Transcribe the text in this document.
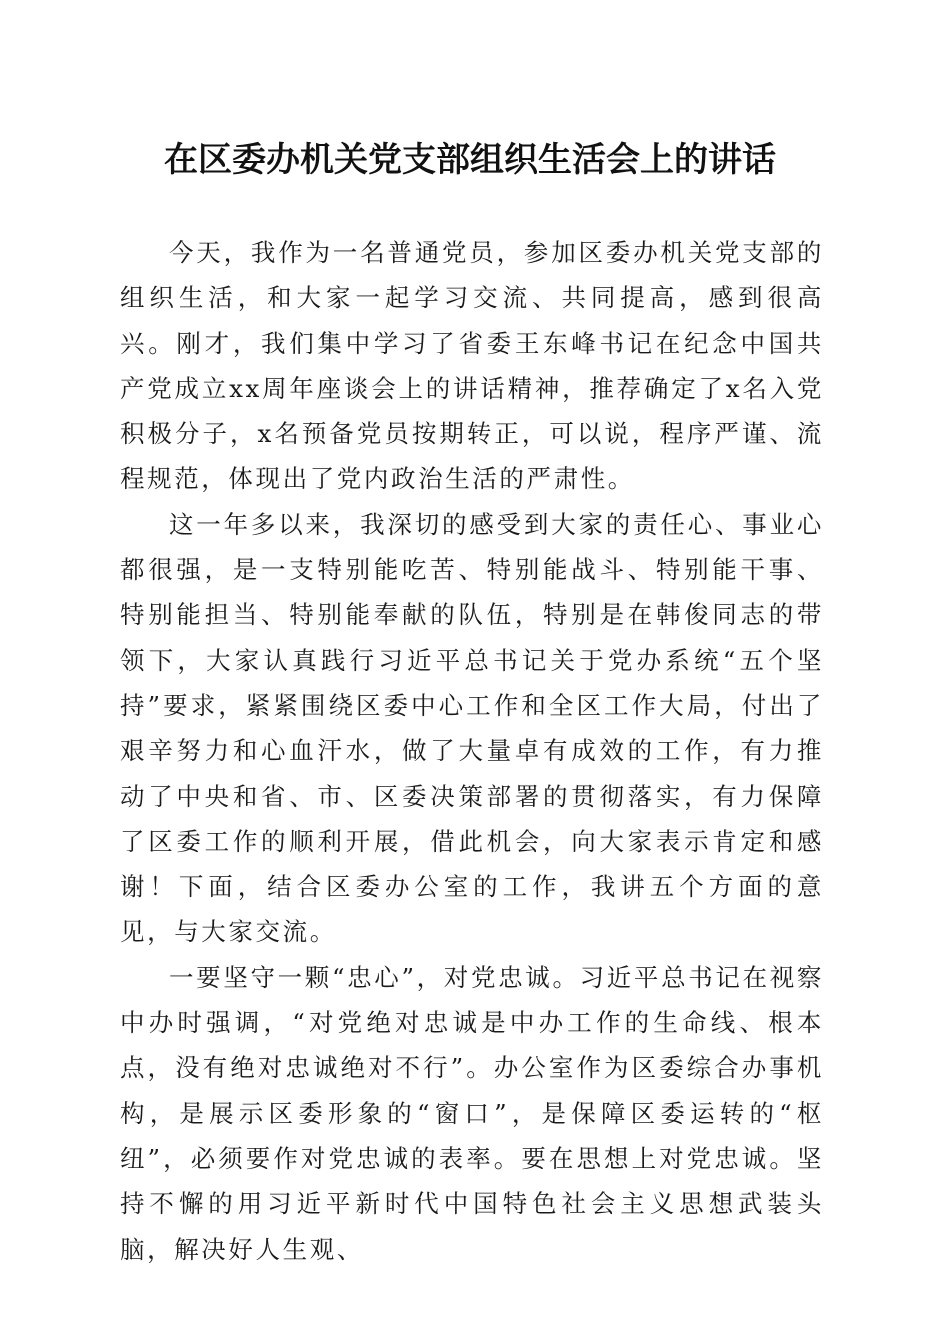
在区委办机关党支部组织生活会上的讲话

今天，我作为一名普通党员，参加区委办机关党支部的组织生活，和大家一起学习交流、共同提高，感到很高兴。刚才，我们集中学习了省委王东峰书记在纪念中国共产党成立xx周年座谈会上的讲话精神，推荐确定了x名入党积极分子，x名预备党员按期转正，可以说，程序严谨、流程规范，体现出了党内政治生活的严肃性。

这一年多以来，我深切的感受到大家的责任心、事业心都很强，是一支特别能吃苦、特别能战斗、特别能干事、特别能担当、特别能奉献的队伍，特别是在韩俊同志的带领下，大家认真践行习近平总书记关于党办系统“五个坚持”要求，紧紧围绕区委中心工作和全区工作大局，付出了艰辛努力和心血汗水，做了大量卓有成效的工作，有力推动了中央和省、市、区委决策部署的贯彻落实，有力保障了区委工作的顺利开展，借此机会，向大家表示肯定和感谢！下面，结合区委办公室的工作，我讲五个方面的意见，与大家交流。

一要坚守一颗“忠心”，对党忠诚。习近平总书记在视察中办时强调，“对党绝对忠诚是中办工作的生命线、根本点，没有绝对忠诚绝对不行”。办公室作为区委综合办事机构，是展示区委形象的“窗口”，是保障区委运转的“枢纽”，必须要作对党忠诚的表率。要在思想上对党忠诚。坚持不懈的用习近平新时代中国特色社会主义思想武装头脑，解决好人生观、
